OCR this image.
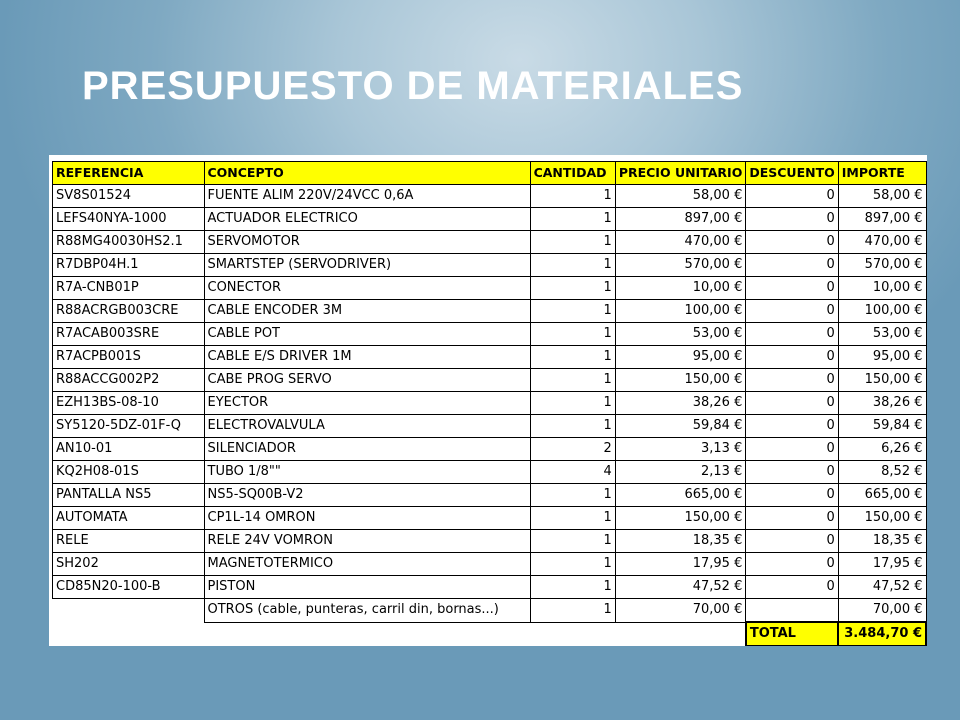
PRESUPUESTO DE MATERIALES
REFERENCIA	CONCEPTO	CANTIDAD	PRECIO UNITARIO	DESCUENTO	IMPORTE
SV8S01524	FUENTE ALIM 220V/24VCC 0,6A	1	58,00 €	0	58,00 €
LEFS40NYA-1000	ACTUADOR ELECTRICO	1	897,00 €	0	897,00 €
R88MG40030HS2.1	SERVOMOTOR	1	470,00 €	0	470,00 €
R7DBP04H.1	SMARTSTEP (SERVODRIVER)	1	570,00 €	0	570,00 €
R7A-CNB01P	CONECTOR	1	10,00 €	0	10,00 €
R88ACRGB003CRE	CABLE ENCODER 3M	1	100,00 €	0	100,00 €
R7ACAB003SRE	CABLE POT	1	53,00 €	0	53,00 €
R7ACPB001S	CABLE E/S DRIVER 1M	1	95,00 €	0	95,00 €
R88ACCG002P2	CABE PROG SERVO	1	150,00 €	0	150,00 €
EZH13BS-08-10	EYECTOR	1	38,26 €	0	38,26 €
SY5120-5DZ-01F-Q	ELECTROVALVULA	1	59,84 €	0	59,84 €
AN10-01	SILENCIADOR	2	3,13 €	0	6,26 €
KQ2H08-01S	TUBO 1/8""	4	2,13 €	0	8,52 €
PANTALLA NS5	NS5-SQ00B-V2	1	665,00 €	0	665,00 €
AUTOMATA	CP1L-14 OMRON	1	150,00 €	0	150,00 €
RELE	RELE 24V VOMRON	1	18,35 €	0	18,35 €
SH202	MAGNETOTERMICO	1	17,95 €	0	17,95 €
CD85N20-100-B	PISTON	1	47,52 €	0	47,52 €
	OTROS (cable, punteras, carril din, bornas...)	1	70,00 €		70,00 €
				TOTAL	3.484,70 €
